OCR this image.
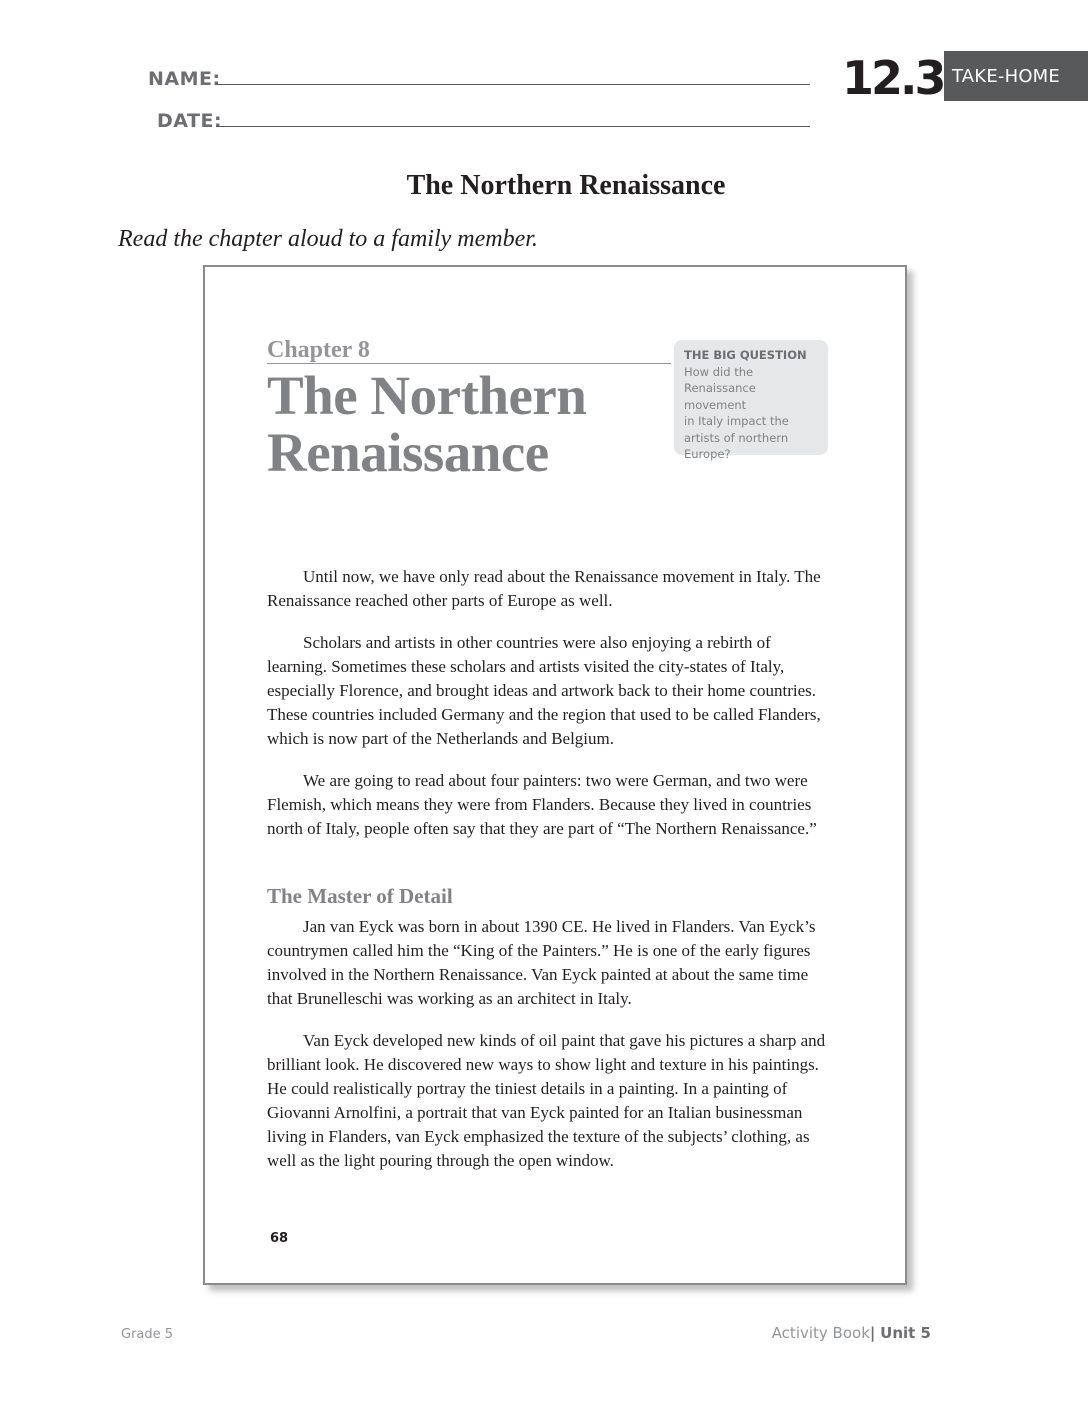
NAME:
DATE:
12.3 TAKE-HOME
The Northern Renaissance
Read the chapter aloud to a family member.
Chapter 8
The Northern
Renaissance
THE BIG QUESTION
How did the
Renaissance movement
in Italy impact the
artists of northern
Europe?

Until now, we have only read about the Renaissance movement in Italy. The Renaissance reached other parts of Europe as well.

Scholars and artists in other countries were also enjoying a rebirth of learning. Sometimes these scholars and artists visited the city-states of Italy, especially Florence, and brought ideas and artwork back to their home countries. These countries included Germany and the region that used to be called Flanders, which is now part of the Netherlands and Belgium.

We are going to read about four painters: two were German, and two were Flemish, which means they were from Flanders. Because they lived in countries north of Italy, people often say that they are part of “The Northern Renaissance.”

The Master of Detail

Jan van Eyck was born in about 1390 CE. He lived in Flanders. Van Eyck’s countrymen called him the “King of the Painters.” He is one of the early figures involved in the Northern Renaissance. Van Eyck painted at about the same time that Brunelleschi was working as an architect in Italy.

Van Eyck developed new kinds of oil paint that gave his pictures a sharp and brilliant look. He discovered new ways to show light and texture in his paintings. He could realistically portray the tiniest details in a painting. In a painting of Giovanni Arnolfini, a portrait that van Eyck painted for an Italian businessman living in Flanders, van Eyck emphasized the texture of the subjects’ clothing, as well as the light pouring through the open window.

68
Grade 5	Activity Book| Unit 5
